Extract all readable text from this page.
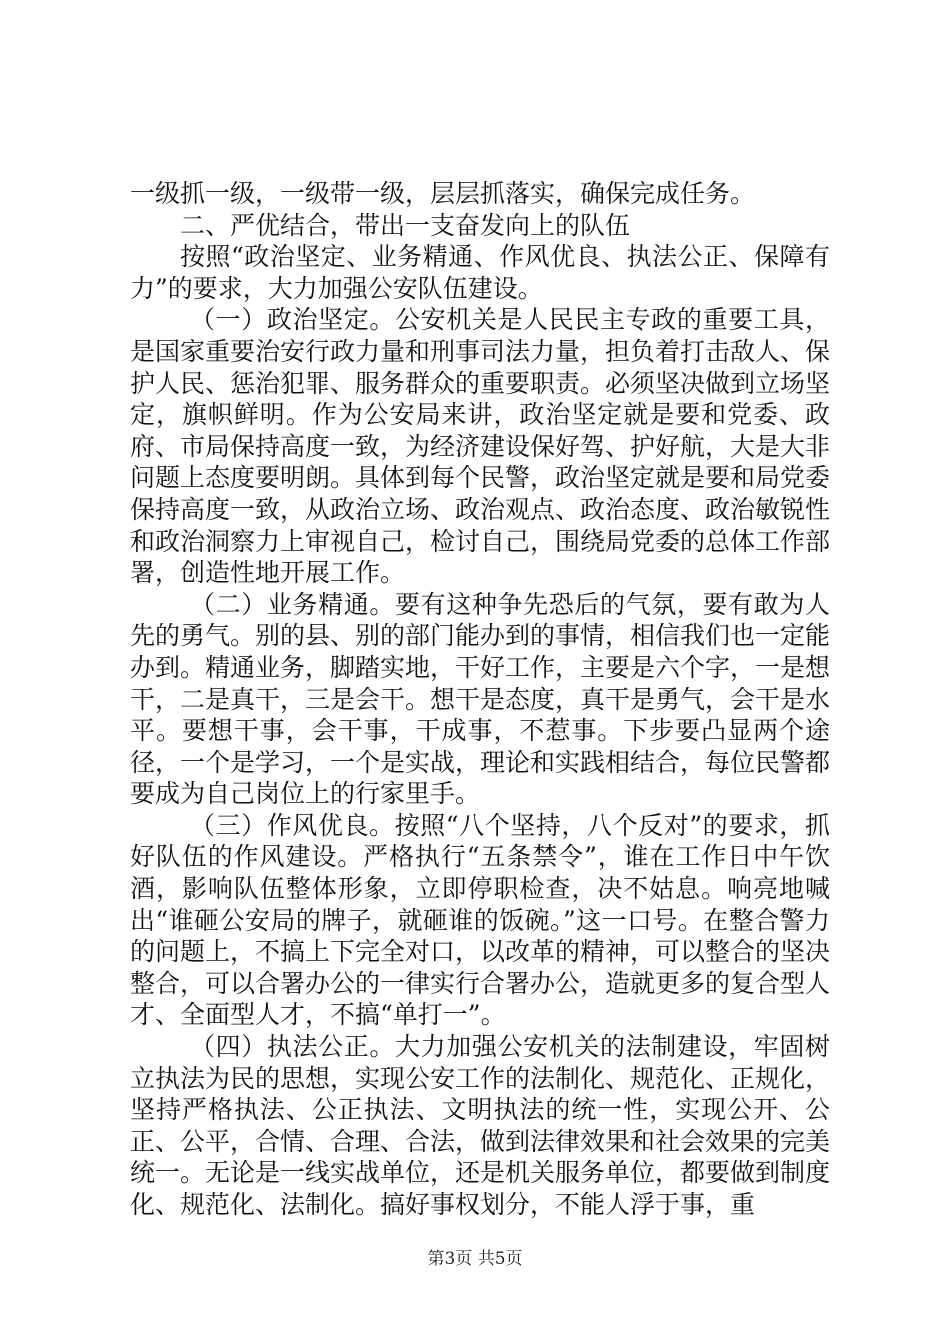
一级抓一级，一级带一级，层层抓落实，确保完成任务。

二、严优结合，带出一支奋发向上的队伍

按照“政治坚定、业务精通、作风优良、执法公正、保障有力”的要求，大力加强公安队伍建设。

（一）政治坚定。公安机关是人民民主专政的重要工具，是国家重要治安行政力量和刑事司法力量，担负着打击敌人、保护人民、惩治犯罪、服务群众的重要职责。必须坚决做到立场坚定，旗帜鲜明。作为公安局来讲，政治坚定就是要和党委、政府、市局保持高度一致，为经济建设保好驾、护好航，大是大非问题上态度要明朗。具体到每个民警，政治坚定就是要和局党委保持高度一致，从政治立场、政治观点、政治态度、政治敏锐性和政治洞察力上审视自己，检讨自己，围绕局党委的总体工作部署，创造性地开展工作。

（二）业务精通。要有这种争先恐后的气氛，要有敢为人先的勇气。别的县、别的部门能办到的事情，相信我们也一定能办到。精通业务，脚踏实地，干好工作，主要是六个字，一是想干，二是真干，三是会干。想干是态度，真干是勇气，会干是水平。要想干事，会干事，干成事，不惹事。下步要凸显两个途径，一个是学习，一个是实战，理论和实践相结合，每位民警都要成为自己岗位上的行家里手。

（三）作风优良。按照“八个坚持，八个反对”的要求，抓好队伍的作风建设。严格执行“五条禁令”，谁在工作日中午饮酒，影响队伍整体形象，立即停职检查，决不姑息。响亮地喊出“谁砸公安局的牌子，就砸谁的饭碗。”这一口号。在整合警力的问题上，不搞上下完全对口，以改革的精神，可以整合的坚决整合，可以合署办公的一律实行合署办公，造就更多的复合型人才、全面型人才，不搞“单打一”。

（四）执法公正。大力加强公安机关的法制建设，牢固树立执法为民的思想，实现公安工作的法制化、规范化、正规化，坚持严格执法、公正执法、文明执法的统一性，实现公开、公正、公平，合情、合理、合法，做到法律效果和社会效果的完美统一。无论是一线实战单位，还是机关服务单位，都要做到制度化、规范化、法制化。搞好事权划分，不能人浮于事，重

第3页 共5页
